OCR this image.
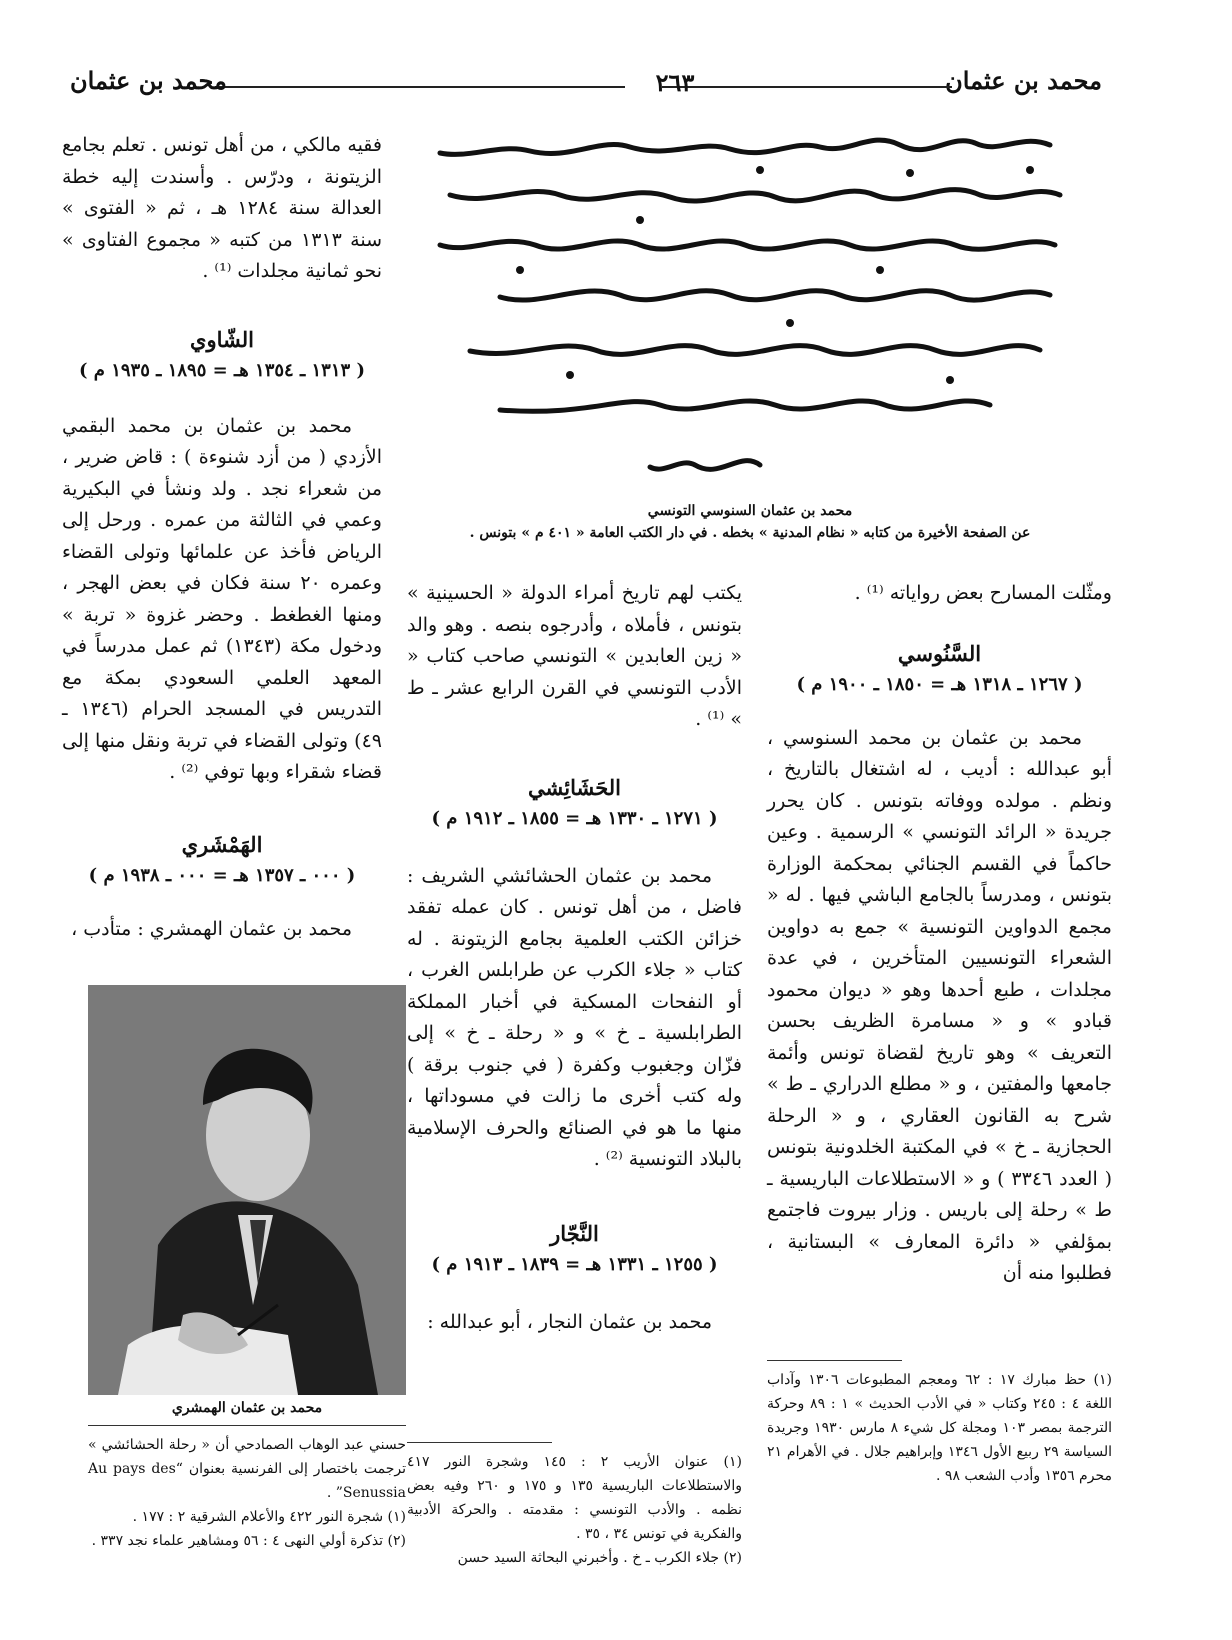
محمد بن عثمان
٢٦٣
محمد بن عثمان
محمد بن عثمان السنوسي التونسي
عن الصفحة الأخيرة من كتابه « نظام المدنية » بخطه . في دار الكتب العامة « ٤٠١ م » بتونس .

ومثّلت المسارح بعض رواياته ⁽¹⁾ .

السَّنُوسي

( ١٢٦٧ ـ ١٣١٨ هـ = ١٨٥٠ ـ ١٩٠٠ م )

محمد بن عثمان بن محمد السنوسي ، أبو عبدالله : أديب ، له اشتغال بالتاريخ ، ونظم . مولده ووفاته بتونس . كان يحرر جريدة « الرائد التونسي » الرسمية . وعين حاكماً في القسم الجنائي بمحكمة الوزارة بتونس ، ومدرساً بالجامع الباشي فيها . له « مجمع الدواوين التونسية » جمع به دواوين الشعراء التونسيين المتأخرين ، في عدة مجلدات ، طبع أحدها وهو « ديوان محمود قبادو » و « مسامرة الظريف بحسن التعريف » وهو تاريخ لقضاة تونس وأئمة جامعها والمفتين ، و « مطلع الدراري ـ ط » شرح به القانون العقاري ، و « الرحلة الحجازية ـ خ » في المكتبة الخلدونية بتونس ( العدد ٣٣٤٦ ) و « الاستطلاعات الباريسية ـ ط » رحلة إلى باريس . وزار بيروت فاجتمع بمؤلفي « دائرة المعارف » البستانية ، فطلبوا منه أن

(١) حظ مبارك ١٧ : ٦٢ ومعجم المطبوعات ١٣٠٦ وآداب اللغة ٤ : ٢٤٥ وكتاب « في الأدب الحديث » ١ : ٨٩ وحركة الترجمة بمصر ١٠٣ ومجلة كل شيء ٨ مارس ١٩٣٠ وجريدة السياسة ٢٩ ربيع الأول ١٣٤٦ وإبراهيم جلال . في الأهرام ٢١ محرم ١٣٥٦ وأدب الشعب ٩٨ .

يكتب لهم تاريخ أمراء الدولة « الحسينية » بتونس ، فأملاه ، وأدرجوه بنصه . وهو والد « زين العابدين » التونسي صاحب كتاب « الأدب التونسي في القرن الرابع عشر ـ ط » ⁽¹⁾ .

الحَشَائِشي

( ١٢٧١ ـ ١٣٣٠ هـ = ١٨٥٥ ـ ١٩١٢ م )

محمد بن عثمان الحشائشي الشريف : فاضل ، من أهل تونس . كان عمله تفقد خزائن الكتب العلمية بجامع الزيتونة . له كتاب « جلاء الكرب عن طرابلس الغرب ، أو النفحات المسكية في أخبار المملكة الطرابلسية ـ خ » و « رحلة ـ خ » إلى فزّان وجغبوب وكفرة ( في جنوب برقة ) وله كتب أخرى ما زالت في مسوداتها ، منها ما هو في الصنائع والحرف الإسلامية بالبلاد التونسية ⁽²⁾ .

النَّجّار

( ١٢٥٥ ـ ١٣٣١ هـ = ١٨٣٩ ـ ١٩١٣ م )

محمد بن عثمان النجار ، أبو عبدالله :

(١) عنوان الأريب ٢ : ١٤٥ وشجرة النور ٤١٧ والاستطلاعات الباريسية ١٣٥ و ١٧٥ و ٢٦٠ وفيه بعض نظمه . والأدب التونسي : مقدمته . والحركة الأدبية والفكرية في تونس ٣٤ ، ٣٥ .

(٢) جلاء الكرب ـ خ . وأخبرني البحاثة السيد حسن

فقيه مالكي ، من أهل تونس . تعلم بجامع الزيتونة ، ودرّس . وأسندت إليه خطة العدالة سنة ١٢٨٤ هـ ، ثم « الفتوى » سنة ١٣١٣ من كتبه « مجموع الفتاوى » نحو ثمانية مجلدات ⁽¹⁾ .

الشّاوي

( ١٣١٣ ـ ١٣٥٤ هـ = ١٨٩٥ ـ ١٩٣٥ م )

محمد بن عثمان بن محمد البقمي الأزدي ( من أزد شنوءة ) : قاض ضرير ، من شعراء نجد . ولد ونشأ في البكيرية وعمي في الثالثة من عمره . ورحل إلى الرياض فأخذ عن علمائها وتولى القضاء وعمره ٢٠ سنة فكان في بعض الهجر ، ومنها الغطغط . وحضر غزوة « تربة » ودخول مكة (١٣٤٣) ثم عمل مدرساً في المعهد العلمي السعودي بمكة مع التدريس في المسجد الحرام (١٣٤٦ ـ ٤٩) وتولى القضاء في تربة ونقل منها إلى قضاء شقراء وبها توفي ⁽²⁾ .

الهَمْشَري

( ٠٠٠ ـ ١٣٥٧ هـ = ٠٠٠ ـ ١٩٣٨ م )

محمد بن عثمان الهمشري : متأدب ،

محمد بن عثمان الهمشري

حسني عبد الوهاب الصمادحي أن « رحلة الحشائشي » ترجمت باختصار إلى الفرنسية بعنوان “Au pays des Senussia” .

(١) شجرة النور ٤٢٢ والأعلام الشرقية ٢ : ١٧٧ .

(٢) تذكرة أولي النهى ٤ : ٥٦ ومشاهير علماء نجد ٣٣٧ .
